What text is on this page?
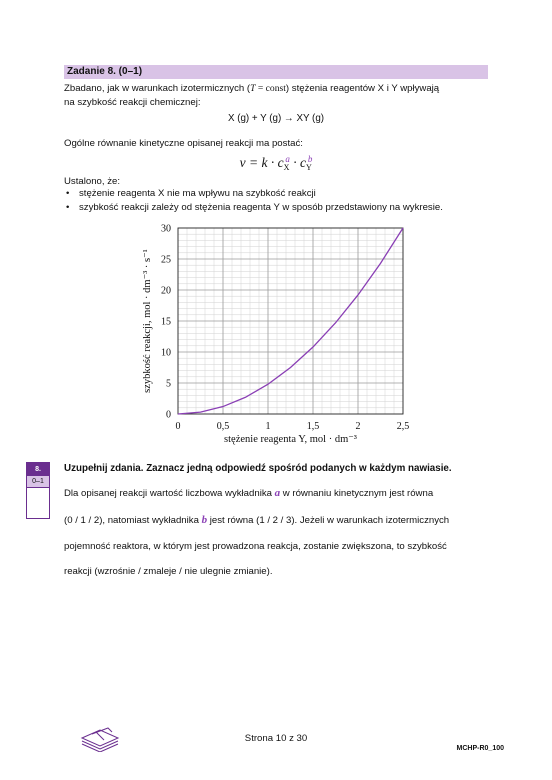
Zadanie 8. (0–1)
Zbadano, jak w warunkach izotermicznych (T = const) stężenia reagentów X i Y wpływają
na szybkość reakcji chemicznej:
X (g) + Y (g) → XY (g)
Ogólne równanie kinetyczne opisanej reakcji ma postać:
$v = k \cdot c_X^a \cdot c_Y^b$
Ustalono, że:
• stężenie reagenta X nie ma wpływu na szybkość reakcji
• szybkość reakcji zależy od stężenia reagenta Y w sposób przedstawiony na wykresie.
0
5
10
15
20
25
30
0	0,5	1	1,5	2	2,5
stężenie reagenta Y, mol · dm⁻³
szybkość reakcji, mol · dm⁻³ · s⁻¹
8.
0–1
Uzupełnij zdania. Zaznacz jedną odpowiedź spośród podanych w każdym nawiasie.
Dla opisanej reakcji wartość liczbowa wykładnika a w równaniu kinetycznym jest równa
(0 / 1 / 2), natomiast wykładnika b jest równa (1 / 2 / 3). Jeżeli w warunkach izotermicznych
pojemność reaktora, w którym jest prowadzona reakcja, zostanie zwiększona, to szybkość
reakcji (wzrośnie / zmaleje / nie ulegnie zmianie).
Strona 10 z 30
MCHP-R0_100
